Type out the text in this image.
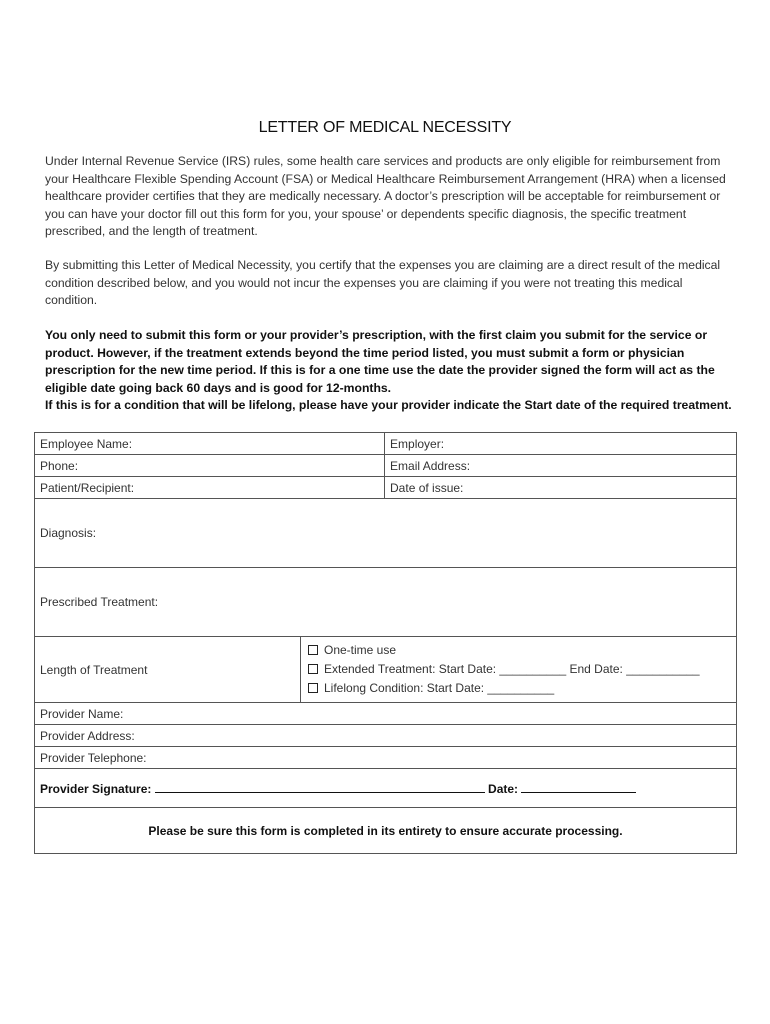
LETTER OF MEDICAL NECESSITY
Under Internal Revenue Service (IRS) rules, some health care services and products are only eligible for reimbursement from your Healthcare Flexible Spending Account (FSA) or Medical Healthcare Reimbursement Arrangement (HRA) when a licensed healthcare provider certifies that they are medically necessary. A doctor’s prescription will be acceptable for reimbursement or you can have your doctor fill out this form for you, your spouse’ or dependents specific diagnosis, the specific treatment prescribed, and the length of treatment.
By submitting this Letter of Medical Necessity, you certify that the expenses you are claiming are a direct result of the medical condition described below, and you would not incur the expenses you are claiming if you were not treating this medical condition.

You only need to submit this form or your provider’s prescription, with the first claim you submit for the service or product. However, if the treatment extends beyond the time period listed, you must submit a form or physician prescription for the new time period. If this is for a one time use the date the provider signed the form will act as the eligible date going back 60 days and is good for 12-months.

If this is for a condition that will be lifelong, please have your provider indicate the Start date of the required treatment.

Employee Name:		Employer:
Phone:		Email Address:
Patient/Recipient:		Date of issue:
Diagnosis:		
Prescribed Treatment:		
Length of Treatment	One-time use
Extended Treatment: Start Date: __________ End Date: ___________
Lifelong Condition: Start Date: __________	

Provider Name:		
Provider Address:		
Provider Telephone:		
Provider Signature: Date:		
Please be sure this form is completed in its entirety to ensure accurate processing.		
